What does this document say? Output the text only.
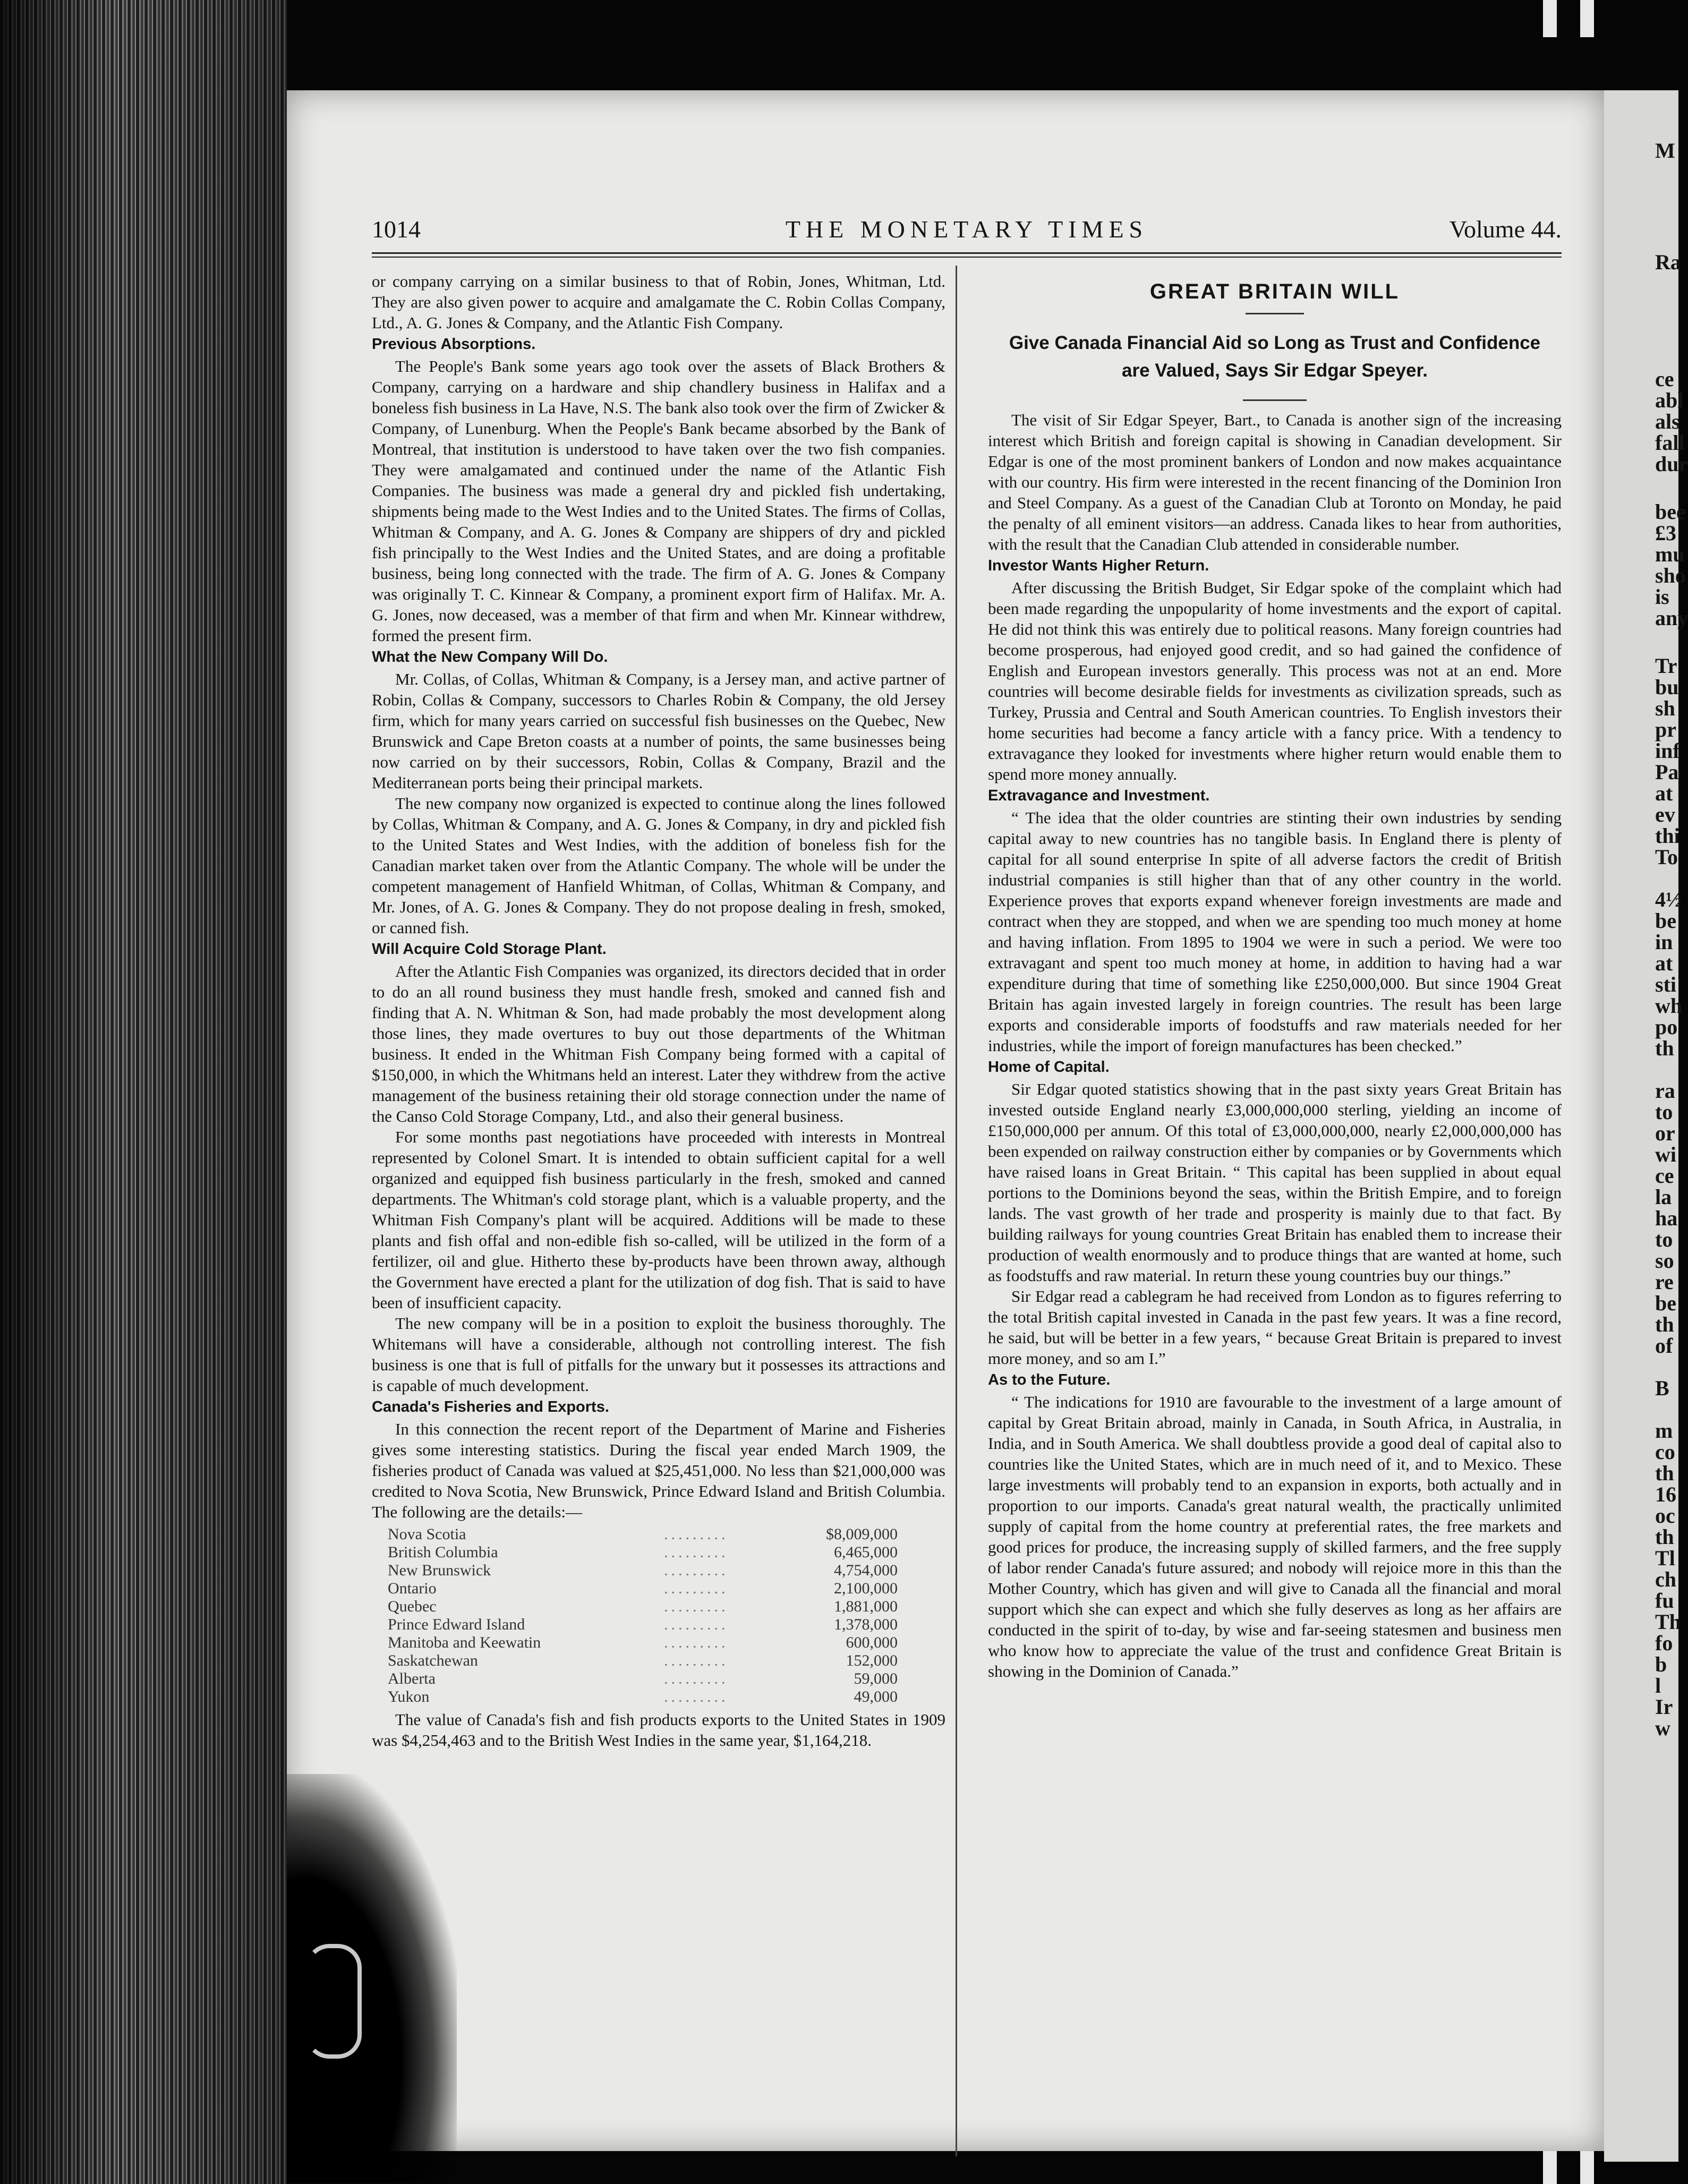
1014	THE MONETARY TIMES	Volume 44.

or company carrying on a similar business to that of Robin, Jones, Whitman, Ltd. They are also given power to acquire and amalgamate the C. Robin Collas Company, Ltd., A. G. Jones & Company, and the Atlantic Fish Company.

Previous Absorptions.

The People's Bank some years ago took over the assets of Black Brothers & Company, carrying on a hardware and ship chandlery business in Halifax and a boneless fish business in La Have, N.S. The bank also took over the firm of Zwicker & Company, of Lunenburg. When the People's Bank became absorbed by the Bank of Montreal, that institution is understood to have taken over the two fish companies. They were amalgamated and continued under the name of the Atlantic Fish Companies. The business was made a general dry and pickled fish undertaking, shipments being made to the West Indies and to the United States. The firms of Collas, Whitman & Company, and A. G. Jones & Company are shippers of dry and pickled fish principally to the West Indies and the United States, and are doing a profitable business, being long connected with the trade. The firm of A. G. Jones & Company was originally T. C. Kinnear & Company, a prominent export firm of Halifax. Mr. A. G. Jones, now deceased, was a member of that firm and when Mr. Kinnear withdrew, formed the present firm.

What the New Company Will Do.

Mr. Collas, of Collas, Whitman & Company, is a Jersey man, and active partner of Robin, Collas & Company, successors to Charles Robin & Company, the old Jersey firm, which for many years carried on successful fish businesses on the Quebec, New Brunswick and Cape Breton coasts at a number of points, the same businesses being now carried on by their successors, Robin, Collas & Company, Brazil and the Mediterranean ports being their principal markets.

The new company now organized is expected to continue along the lines followed by Collas, Whitman & Company, and A. G. Jones & Company, in dry and pickled fish to the United States and West Indies, with the addition of boneless fish for the Canadian market taken over from the Atlantic Company. The whole will be under the competent management of Hanfield Whitman, of Collas, Whitman & Company, and Mr. Jones, of A. G. Jones & Company. They do not propose dealing in fresh, smoked, or canned fish.

Will Acquire Cold Storage Plant.

After the Atlantic Fish Companies was organized, its directors decided that in order to do an all round business they must handle fresh, smoked and canned fish and finding that A. N. Whitman & Son, had made probably the most development along those lines, they made overtures to buy out those departments of the Whitman business. It ended in the Whitman Fish Company being formed with a capital of $150,000, in which the Whitmans held an interest. Later they withdrew from the active management of the business retaining their old storage connection under the name of the Canso Cold Storage Company, Ltd., and also their general business.

For some months past negotiations have proceeded with interests in Montreal represented by Colonel Smart. It is intended to obtain sufficient capital for a well organized and equipped fish business particularly in the fresh, smoked and canned departments. The Whitman's cold storage plant, which is a valuable property, and the Whitman Fish Company's plant will be acquired. Additions will be made to these plants and fish offal and non-edible fish so-called, will be utilized in the form of a fertilizer, oil and glue. Hitherto these by-products have been thrown away, although the Government have erected a plant for the utilization of dog fish. That is said to have been of insufficient capacity.

The new company will be in a position to exploit the business thoroughly. The Whitemans will have a considerable, although not controlling interest. The fish business is one that is full of pitfalls for the unwary but it possesses its attractions and is capable of much development.

Canada's Fisheries and Exports.

In this connection the recent report of the Department of Marine and Fisheries gives some interesting statistics. During the fiscal year ended March 1909, the fisheries product of Canada was valued at $25,451,000. No less than $21,000,000 was credited to Nova Scotia, New Brunswick, Prince Edward Island and British Columbia. The following are the details:—

Nova Scotia	.........	$8,009,000
British Columbia	.........	6,465,000
New Brunswick	.........	4,754,000
Ontario	.........	2,100,000
Quebec	.........	1,881,000
Prince Edward Island	.........	1,378,000
Manitoba and Keewatin	.........	600,000
Saskatchewan	.........	152,000
Alberta	.........	59,000
Yukon	.........	49,000

The value of Canada's fish and fish products exports to the United States in 1909 was $4,254,463 and to the British West Indies in the same year, $1,164,218.

GREAT BRITAIN WILL
Give Canada Financial Aid so Long as Trust and Confidence are Valued, Says Sir Edgar Speyer.

The visit of Sir Edgar Speyer, Bart., to Canada is another sign of the increasing interest which British and foreign capital is showing in Canadian development. Sir Edgar is one of the most prominent bankers of London and now makes acquaintance with our country. His firm were interested in the recent financing of the Dominion Iron and Steel Company. As a guest of the Canadian Club at Toronto on Monday, he paid the penalty of all eminent visitors—an address. Canada likes to hear from authorities, with the result that the Canadian Club attended in considerable number.

Investor Wants Higher Return.

After discussing the British Budget, Sir Edgar spoke of the complaint which had been made regarding the unpopularity of home investments and the export of capital. He did not think this was entirely due to political reasons. Many foreign countries had become prosperous, had enjoyed good credit, and so had gained the confidence of English and European investors generally. This process was not at an end. More countries will become desirable fields for investments as civilization spreads, such as Turkey, Prussia and Central and South American countries. To English investors their home securities had become a fancy article with a fancy price. With a tendency to extravagance they looked for investments where higher return would enable them to spend more money annually.

Extravagance and Investment.

“ The idea that the older countries are stinting their own industries by sending capital away to new countries has no tangible basis. In England there is plenty of capital for all sound enterprise In spite of all adverse factors the credit of British industrial companies is still higher than that of any other country in the world. Experience proves that exports expand whenever foreign investments are made and contract when they are stopped, and when we are spending too much money at home and having inflation. From 1895 to 1904 we were in such a period. We were too extravagant and spent too much money at home, in addition to having had a war expenditure during that time of something like £250,000,000. But since 1904 Great Britain has again invested largely in foreign countries. The result has been large exports and considerable imports of foodstuffs and raw materials needed for her industries, while the import of foreign manufactures has been checked.”

Home of Capital.

Sir Edgar quoted statistics showing that in the past sixty years Great Britain has invested outside England nearly £3,000,000,000 sterling, yielding an income of £150,000,000 per annum. Of this total of £3,000,000,000, nearly £2,000,000,000 has been expended on railway construction either by companies or by Governments which have raised loans in Great Britain. “ This capital has been supplied in about equal portions to the Dominions beyond the seas, within the British Empire, and to foreign lands. The vast growth of her trade and prosperity is mainly due to that fact. By building railways for young countries Great Britain has enabled them to increase their production of wealth enormously and to produce things that are wanted at home, such as foodstuffs and raw material. In return these young countries buy our things.”

Sir Edgar read a cablegram he had received from London as to figures referring to the total British capital invested in Canada in the past few years. It was a fine record, he said, but will be better in a few years, “ because Great Britain is prepared to invest more money, and so am I.”

As to the Future.

“ The indications for 1910 are favourable to the investment of a large amount of capital by Great Britain abroad, mainly in Canada, in South Africa, in Australia, in India, and in South America. We shall doubtless provide a good deal of capital also to countries like the United States, which are in much need of it, and to Mexico. These large investments will probably tend to an expansion in exports, both actually and in proportion to our imports. Canada's great natural wealth, the practically unlimited supply of capital from the home country at preferential rates, the free markets and good prices for produce, the increasing supply of skilled farmers, and the free supply of labor render Canada's future assured; and nobody will rejoice more in this than the Mother Country, which has given and will give to Canada all the financial and moral support which she can expect and which she fully deserves as long as her affairs are conducted in the spirit of to-day, by wise and far-seeing statesmen and business men who know how to appreciate the value of the trust and confidence Great Britain is showing in the Dominion of Canada.”

M
Ra
ce
abl
als
fall
dur
bee
£3
mu
sho
is
any
Tr
bu
sh
pr
inf
Pa
at
ev
thi
To
4½
be
in
at
sti
wh
po
th
ra
to
or
wi
ce
la
ha
to
so
re
be
th
of
B
m
co
th
16
oc
th
Tl
ch
fu
Th
fo
b
l
Ir
w
